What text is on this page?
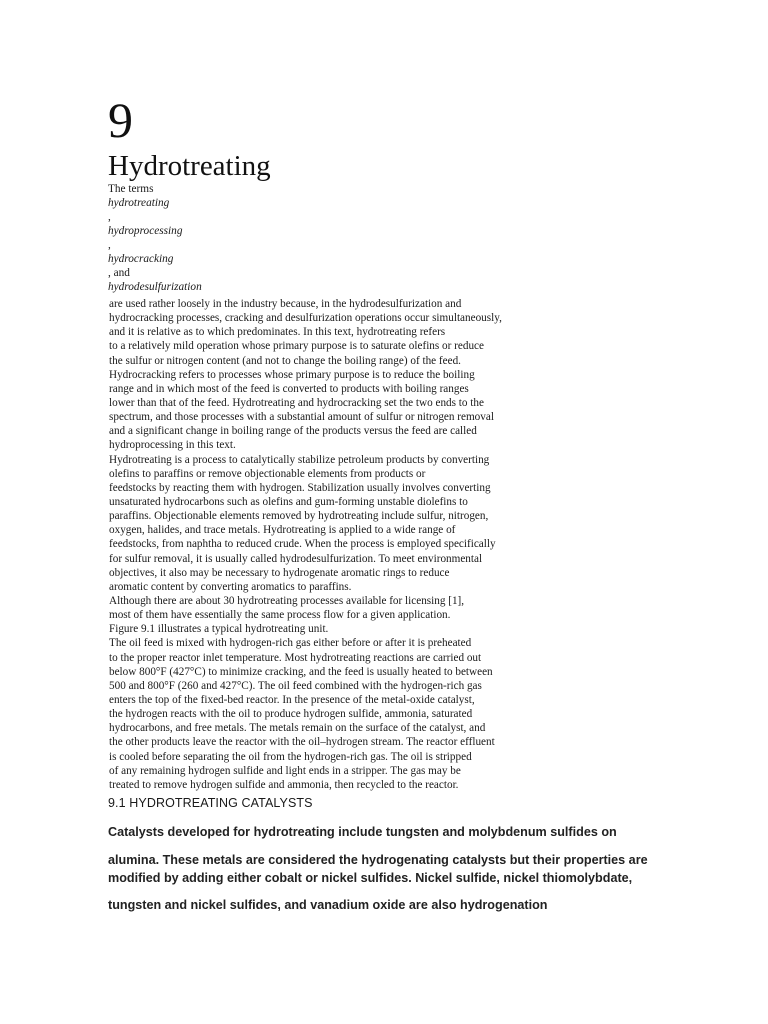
9
Hydrotreating
The terms
hydrotreating
,
hydroprocessing
,
hydrocracking
, and
hydrodesulfurization
are used rather loosely in the industry because, in the hydrodesulfurization and
hydrocracking processes, cracking and desulfurization operations occur simultaneously,
and it is relative as to which predominates. In this text, hydrotreating refers
to a relatively mild operation whose primary purpose is to saturate olefins or reduce
the sulfur or nitrogen content (and not to change the boiling range) of the feed.
Hydrocracking refers to processes whose primary purpose is to reduce the boiling
range and in which most of the feed is converted to products with boiling ranges
lower than that of the feed. Hydrotreating and hydrocracking set the two ends to the
spectrum, and those processes with a substantial amount of sulfur or nitrogen removal
and a significant change in boiling range of the products versus the feed are called
hydroprocessing in this text.
Hydrotreating is a process to catalytically stabilize petroleum products by converting
olefins to paraffins or remove objectionable elements from products or
feedstocks by reacting them with hydrogen. Stabilization usually involves converting
unsaturated hydrocarbons such as olefins and gum-forming unstable diolefins to
paraffins. Objectionable elements removed by hydrotreating include sulfur, nitrogen,
oxygen, halides, and trace metals. Hydrotreating is applied to a wide range of
feedstocks, from naphtha to reduced crude. When the process is employed specifically
for sulfur removal, it is usually called hydrodesulfurization. To meet environmental
objectives, it also may be necessary to hydrogenate aromatic rings to reduce
aromatic content by converting aromatics to paraffins.
Although there are about 30 hydrotreating processes available for licensing [1],
most of them have essentially the same process flow for a given application.
Figure 9.1 illustrates a typical hydrotreating unit.
The oil feed is mixed with hydrogen-rich gas either before or after it is preheated
to the proper reactor inlet temperature. Most hydrotreating reactions are carried out
below 800°F (427°C) to minimize cracking, and the feed is usually heated to between
500 and 800°F (260 and 427°C). The oil feed combined with the hydrogen-rich gas
enters the top of the fixed-bed reactor. In the presence of the metal-oxide catalyst,
the hydrogen reacts with the oil to produce hydrogen sulfide, ammonia, saturated
hydrocarbons, and free metals. The metals remain on the surface of the catalyst, and
the other products leave the reactor with the oil–hydrogen stream. The reactor effluent
is cooled before separating the oil from the hydrogen-rich gas. The oil is stripped
of any remaining hydrogen sulfide and light ends in a stripper. The gas may be
treated to remove hydrogen sulfide and ammonia, then recycled to the reactor.
9.1 HYDROTREATING CATALYSTS
Catalysts developed for hydrotreating include tungsten and molybdenum sulfides on
alumina. These metals are considered the hydrogenating catalysts but their properties are
modified by adding either cobalt or nickel sulfides. Nickel sulfide, nickel thiomolybdate,
tungsten and nickel sulfides, and vanadium oxide are also hydrogenation
